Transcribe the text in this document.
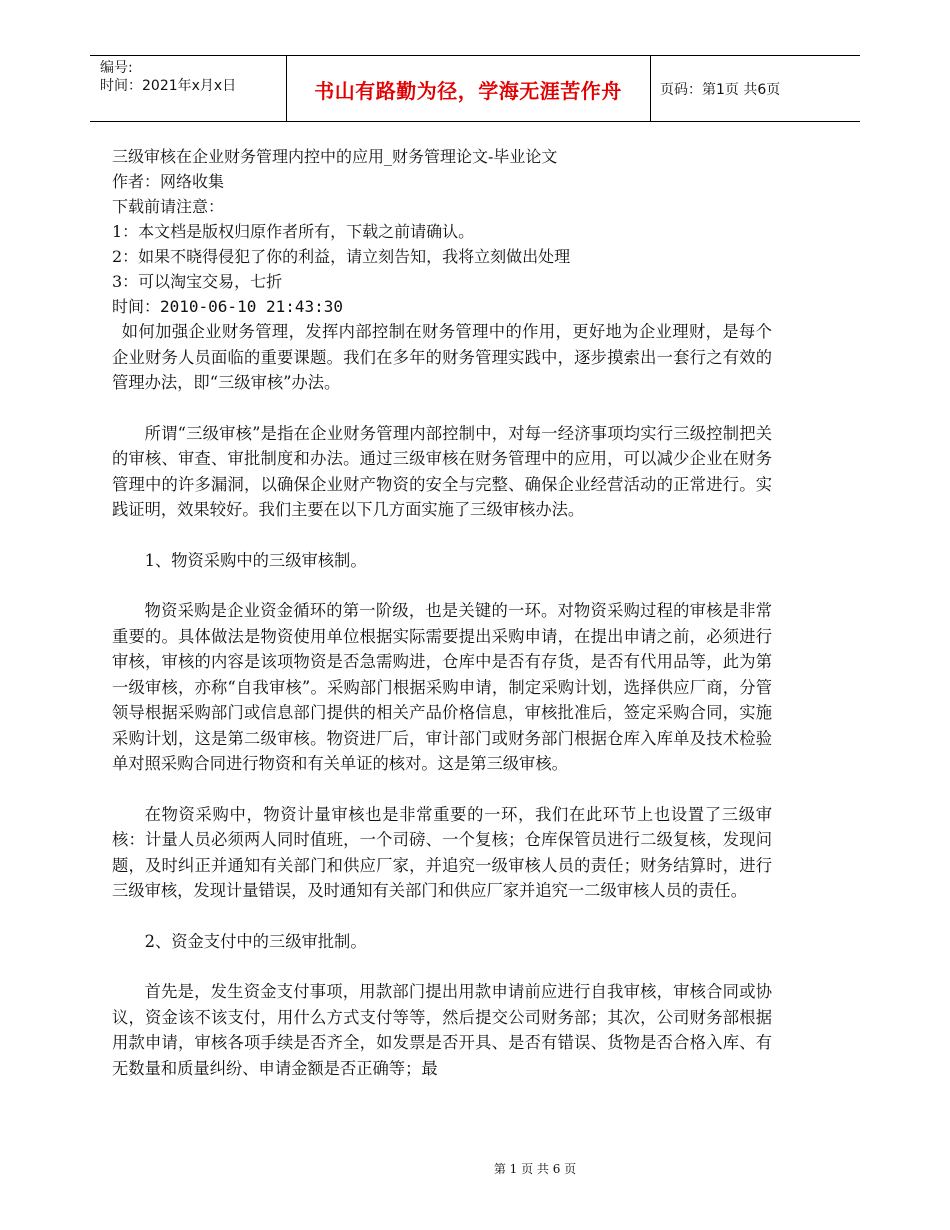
编号:
时间：2021年x月x日	书山有路勤为径，学海无涯苦作舟	页码：第1页 共6页
三级审核在企业财务管理内控中的应用_财务管理论文-毕业论文
作者：网络收集
下载前请注意：
1：本文档是版权归原作者所有，下载之前请确认。
2：如果不晓得侵犯了你的利益，请立刻告知，我将立刻做出处理
3：可以淘宝交易，七折
时间：2010-06-10 21:43:30

如何加强企业财务管理，发挥内部控制在财务管理中的作用，更好地为企业理财，是每个企业财务人员面临的重要课题。我们在多年的财务管理实践中，逐步摸索出一套行之有效的管理办法，即“三级审核”办法。

所谓“三级审核”是指在企业财务管理内部控制中，对每一经济事项均实行三级控制把关的审核、审查、审批制度和办法。通过三级审核在财务管理中的应用，可以减少企业在财务管理中的许多漏洞，以确保企业财产物资的安全与完整、确保企业经营活动的正常进行。实践证明，效果较好。我们主要在以下几方面实施了三级审核办法。

1、物资采购中的三级审核制。

物资采购是企业资金循环的第一阶级，也是关键的一环。对物资采购过程的审核是非常重要的。具体做法是物资使用单位根据实际需要提出采购申请，在提出申请之前，必须进行审核，审核的内容是该项物资是否急需购进，仓库中是否有存货，是否有代用品等，此为第一级审核，亦称“自我审核”。采购部门根据采购申请，制定采购计划，选择供应厂商，分管领导根据采购部门或信息部门提供的相关产品价格信息，审核批准后，签定采购合同，实施采购计划，这是第二级审核。物资进厂后，审计部门或财务部门根据仓库入库单及技术检验单对照采购合同进行物资和有关单证的核对。这是第三级审核。

在物资采购中，物资计量审核也是非常重要的一环，我们在此环节上也设置了三级审核：计量人员必须两人同时值班，一个司磅、一个复核；仓库保管员进行二级复核，发现问题，及时纠正并通知有关部门和供应厂家，并追究一级审核人员的责任；财务结算时，进行三级审核，发现计量错误，及时通知有关部门和供应厂家并追究一二级审核人员的责任。

2、资金支付中的三级审批制。

首先是，发生资金支付事项，用款部门提出用款申请前应进行自我审核，审核合同或协议，资金该不该支付，用什么方式支付等等，然后提交公司财务部；其次，公司财务部根据用款申请，审核各项手续是否齐全，如发票是否开具、是否有错误、货物是否合格入库、有无数量和质量纠纷、申请金额是否正确等；最

第 1 页 共 6 页
